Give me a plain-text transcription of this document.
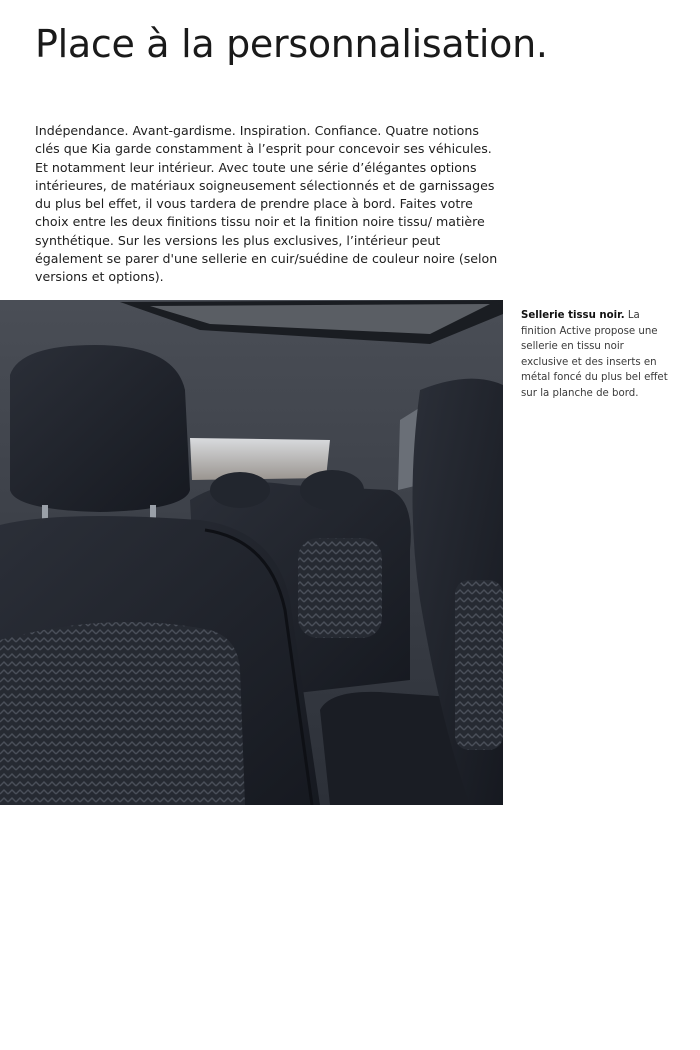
Place à la personnalisation.

Indépendance. Avant-gardisme. Inspiration. Confiance. Quatre notions clés que Kia garde constamment à l’esprit pour concevoir ses véhicules. Et notamment leur intérieur. Avec toute une série d’élégantes options intérieures, de matériaux soigneusement sélectionnés et de garnissages du plus bel effet, il vous tardera de prendre place à bord. Faites votre choix entre les deux finitions tissu noir et la finition noire tissu/ matière synthétique. Sur les versions les plus exclusives, l’intérieur peut également se parer d'une sellerie en cuir/suédine de couleur noire (selon versions et options).

Sellerie tissu noir. La finition Active propose une sellerie en tissu noir exclusive et des inserts en métal foncé du plus bel effet sur la planche de bord.
